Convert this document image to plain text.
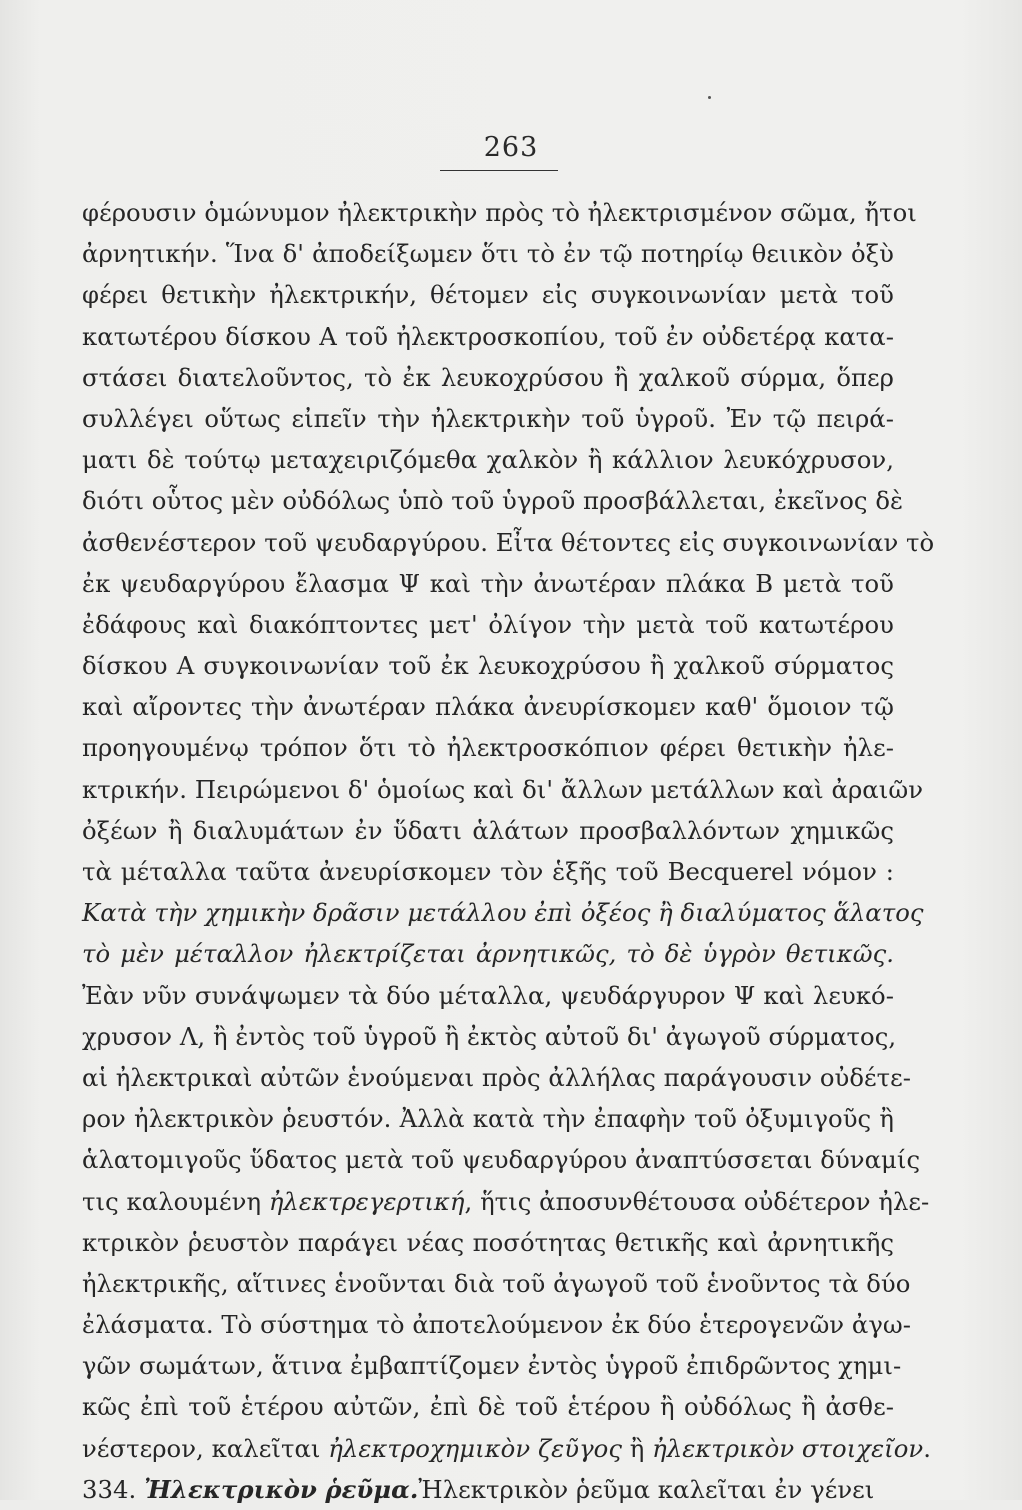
263
φέρουσιν ὁμώνυμον ἠλεκτρικὴν πρὸς τὸ ἠλεκτρισμένον σῶμα, ἤτοι
ἀρνητικήν. Ἵνα δ' ἀποδείξωμεν ὅτι τὸ ἐν τῷ ποτηρίῳ θειικὸν ὀξὺ
φέρει θετικὴν ἠλεκτρικήν, θέτομεν εἰς συγκοινωνίαν μετὰ τοῦ
κατωτέρου δίσκου Α τοῦ ἠλεκτροσκοπίου, τοῦ ἐν οὐδετέρᾳ κατα-
στάσει διατελοῦντος, τὸ ἐκ λευκοχρύσου ἢ χαλκοῦ σύρμα, ὅπερ
συλλέγει οὕτως εἰπεῖν τὴν ἠλεκτρικὴν τοῦ ὑγροῦ. Ἐν τῷ πειρά-
ματι δὲ τούτῳ μεταχειριζόμεθα χαλκὸν ἢ κάλλιον λευκόχρυσον,
διότι οὗτος μὲν οὐδόλως ὑπὸ τοῦ ὑγροῦ προσβάλλεται, ἐκεῖνος δὲ
ἀσθενέστερον τοῦ ψευδαργύρου. Εἶτα θέτοντες εἰς συγκοινωνίαν τὸ
ἐκ ψευδαργύρου ἔλασμα Ψ καὶ τὴν ἀνωτέραν πλάκα Β μετὰ τοῦ
ἐδάφους καὶ διακόπτοντες μετ' ὀλίγον τὴν μετὰ τοῦ κατωτέρου
δίσκου Α συγκοινωνίαν τοῦ ἐκ λευκοχρύσου ἢ χαλκοῦ σύρματος
καὶ αἴροντες τὴν ἀνωτέραν πλάκα ἀνευρίσκομεν καθ' ὅμοιον τῷ
προηγουμένῳ τρόπον ὅτι τὸ ἠλεκτροσκόπιον φέρει θετικὴν ἠλε-
κτρικήν. Πειρώμενοι δ' ὁμοίως καὶ δι' ἄλλων μετάλλων καὶ ἀραιῶν
ὀξέων ἢ διαλυμάτων ἐν ὕδατι ἁλάτων προσβαλλόντων χημικῶς
τὰ μέταλλα ταῦτα ἀνευρίσκομεν τὸν ἑξῆς τοῦ Becquerel νόμον :
Κατὰ τὴν χημικὴν δρᾶσιν μετάλλου ἐπὶ ὀξέος ἢ διαλύματος ἅλατος
τὸ μὲν μέταλλον ἠλεκτρίζεται ἀρνητικῶς, τὸ δὲ ὑγρὸν θετικῶς.
Ἐὰν νῦν συνάψωμεν τὰ δύο μέταλλα, ψευδάργυρον Ψ καὶ λευκό-
χρυσον Λ, ἢ ἐντὸς τοῦ ὑγροῦ ἢ ἐκτὸς αὐτοῦ δι' ἀγωγοῦ σύρματος,
αἱ ἠλεκτρικαὶ αὐτῶν ἑνούμεναι πρὸς ἀλλήλας παράγουσιν οὐδέτε-
ρον ἠλεκτρικὸν ῥευστόν. Ἀλλὰ κατὰ τὴν ἐπαφὴν τοῦ ὀξυμιγοῦς ἢ
ἁλατομιγοῦς ὕδατος μετὰ τοῦ ψευδαργύρου ἀναπτύσσεται δύναμίς
τις καλουμένη ἠλεκτρεγερτική, ἥτις ἀποσυνθέτουσα οὐδέτερον ἠλε-
κτρικὸν ῥευστὸν παράγει νέας ποσότητας θετικῆς καὶ ἀρνητικῆς
ἠλεκτρικῆς, αἵτινες ἑνοῦνται διὰ τοῦ ἀγωγοῦ τοῦ ἑνοῦντος τὰ δύο
ἐλάσματα. Τὸ σύστημα τὸ ἀποτελούμενον ἐκ δύο ἑτερογενῶν ἀγω-
γῶν σωμάτων, ἅτινα ἐμβαπτίζομεν ἐντὸς ὑγροῦ ἐπιδρῶντος χημι-
κῶς ἐπὶ τοῦ ἑτέρου αὐτῶν, ἐπὶ δὲ τοῦ ἑτέρου ἢ οὐδόλως ἢ ἀσθε-
νέστερον, καλεῖται ἠλεκτροχημικὸν ζεῦγος ἢ ἠλεκτρικὸν στοιχεῖον.
334. Ἠλεκτρικὸν ῥεῦμα.Ἠλεκτρικὸν ῥεῦμα καλεῖται ἐν γένει
